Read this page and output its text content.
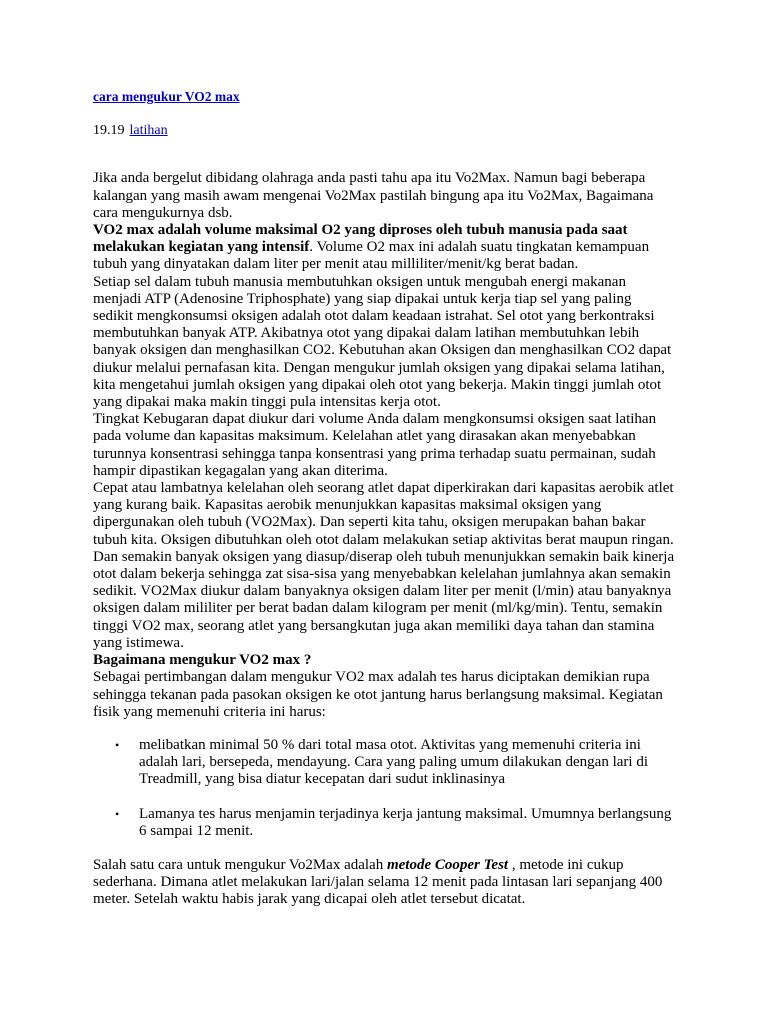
cara mengukur VO2 max
19.19 latihan

Jika anda bergelut dibidang olahraga anda pasti tahu apa itu Vo2Max. Namun bagi beberapa kalangan yang masih awam mengenai Vo2Max pastilah bingung apa itu Vo2Max, Bagaimana cara mengukurnya dsb.

VO2 max adalah volume maksimal O2 yang diproses oleh tubuh manusia pada saat melakukan kegiatan yang intensif. Volume O2 max ini adalah suatu tingkatan kemampuan tubuh yang dinyatakan dalam liter per menit atau milliliter/menit/kg berat badan.

Setiap sel dalam tubuh manusia membutuhkan oksigen untuk mengubah energi makanan menjadi ATP (Adenosine Triphosphate) yang siap dipakai untuk kerja tiap sel yang paling sedikit mengkonsumsi oksigen adalah otot dalam keadaan istrahat. Sel otot yang berkontraksi membutuhkan banyak ATP. Akibatnya otot yang dipakai dalam latihan membutuhkan lebih banyak oksigen dan menghasilkan CO2. Kebutuhan akan Oksigen dan menghasilkan CO2 dapat diukur melalui pernafasan kita. Dengan mengukur jumlah oksigen yang dipakai selama latihan, kita mengetahui jumlah oksigen yang dipakai oleh otot yang bekerja. Makin tinggi jumlah otot yang dipakai maka makin tinggi pula intensitas kerja otot.

Tingkat Kebugaran dapat diukur dari volume Anda dalam mengkonsumsi oksigen saat latihan pada volume dan kapasitas maksimum. Kelelahan atlet yang dirasakan akan menyebabkan turunnya konsentrasi sehingga tanpa konsentrasi yang prima terhadap suatu permainan, sudah hampir dipastikan kegagalan yang akan diterima.

Cepat atau lambatnya kelelahan oleh seorang atlet dapat diperkirakan dari kapasitas aerobik atlet yang kurang baik. Kapasitas aerobik menunjukkan kapasitas maksimal oksigen yang dipergunakan oleh tubuh (VO2Max). Dan seperti kita tahu, oksigen merupakan bahan bakar tubuh kita. Oksigen dibutuhkan oleh otot dalam melakukan setiap aktivitas berat maupun ringan.

Dan semakin banyak oksigen yang diasup/diserap oleh tubuh menunjukkan semakin baik kinerja otot dalam bekerja sehingga zat sisa-sisa yang menyebabkan kelelahan jumlahnya akan semakin sedikit. VO2Max diukur dalam banyaknya oksigen dalam liter per menit (l/min) atau banyaknya oksigen dalam mililiter per berat badan dalam kilogram per menit (ml/kg/min). Tentu, semakin tinggi VO2 max, seorang atlet yang bersangkutan juga akan memiliki daya tahan dan stamina yang istimewa.

Bagaimana mengukur VO2 max ?

Sebagai pertimbangan dalam mengukur VO2 max adalah tes harus diciptakan demikian rupa sehingga tekanan pada pasokan oksigen ke otot jantung harus berlangsung maksimal. Kegiatan fisik yang memenuhi criteria ini harus:

• melibatkan minimal 50 % dari total masa otot. Aktivitas yang memenuhi criteria ini adalah lari, bersepeda, mendayung. Cara yang paling umum dilakukan dengan lari di Treadmill, yang bisa diatur kecepatan dari sudut inklinasinya
• Lamanya tes harus menjamin terjadinya kerja jantung maksimal. Umumnya berlangsung 6 sampai 12 menit.

Salah satu cara untuk mengukur Vo2Max adalah metode Cooper Test , metode ini cukup sederhana. Dimana atlet melakukan lari/jalan selama 12 menit pada lintasan lari sepanjang 400 meter. Setelah waktu habis jarak yang dicapai oleh atlet tersebut dicatat.
